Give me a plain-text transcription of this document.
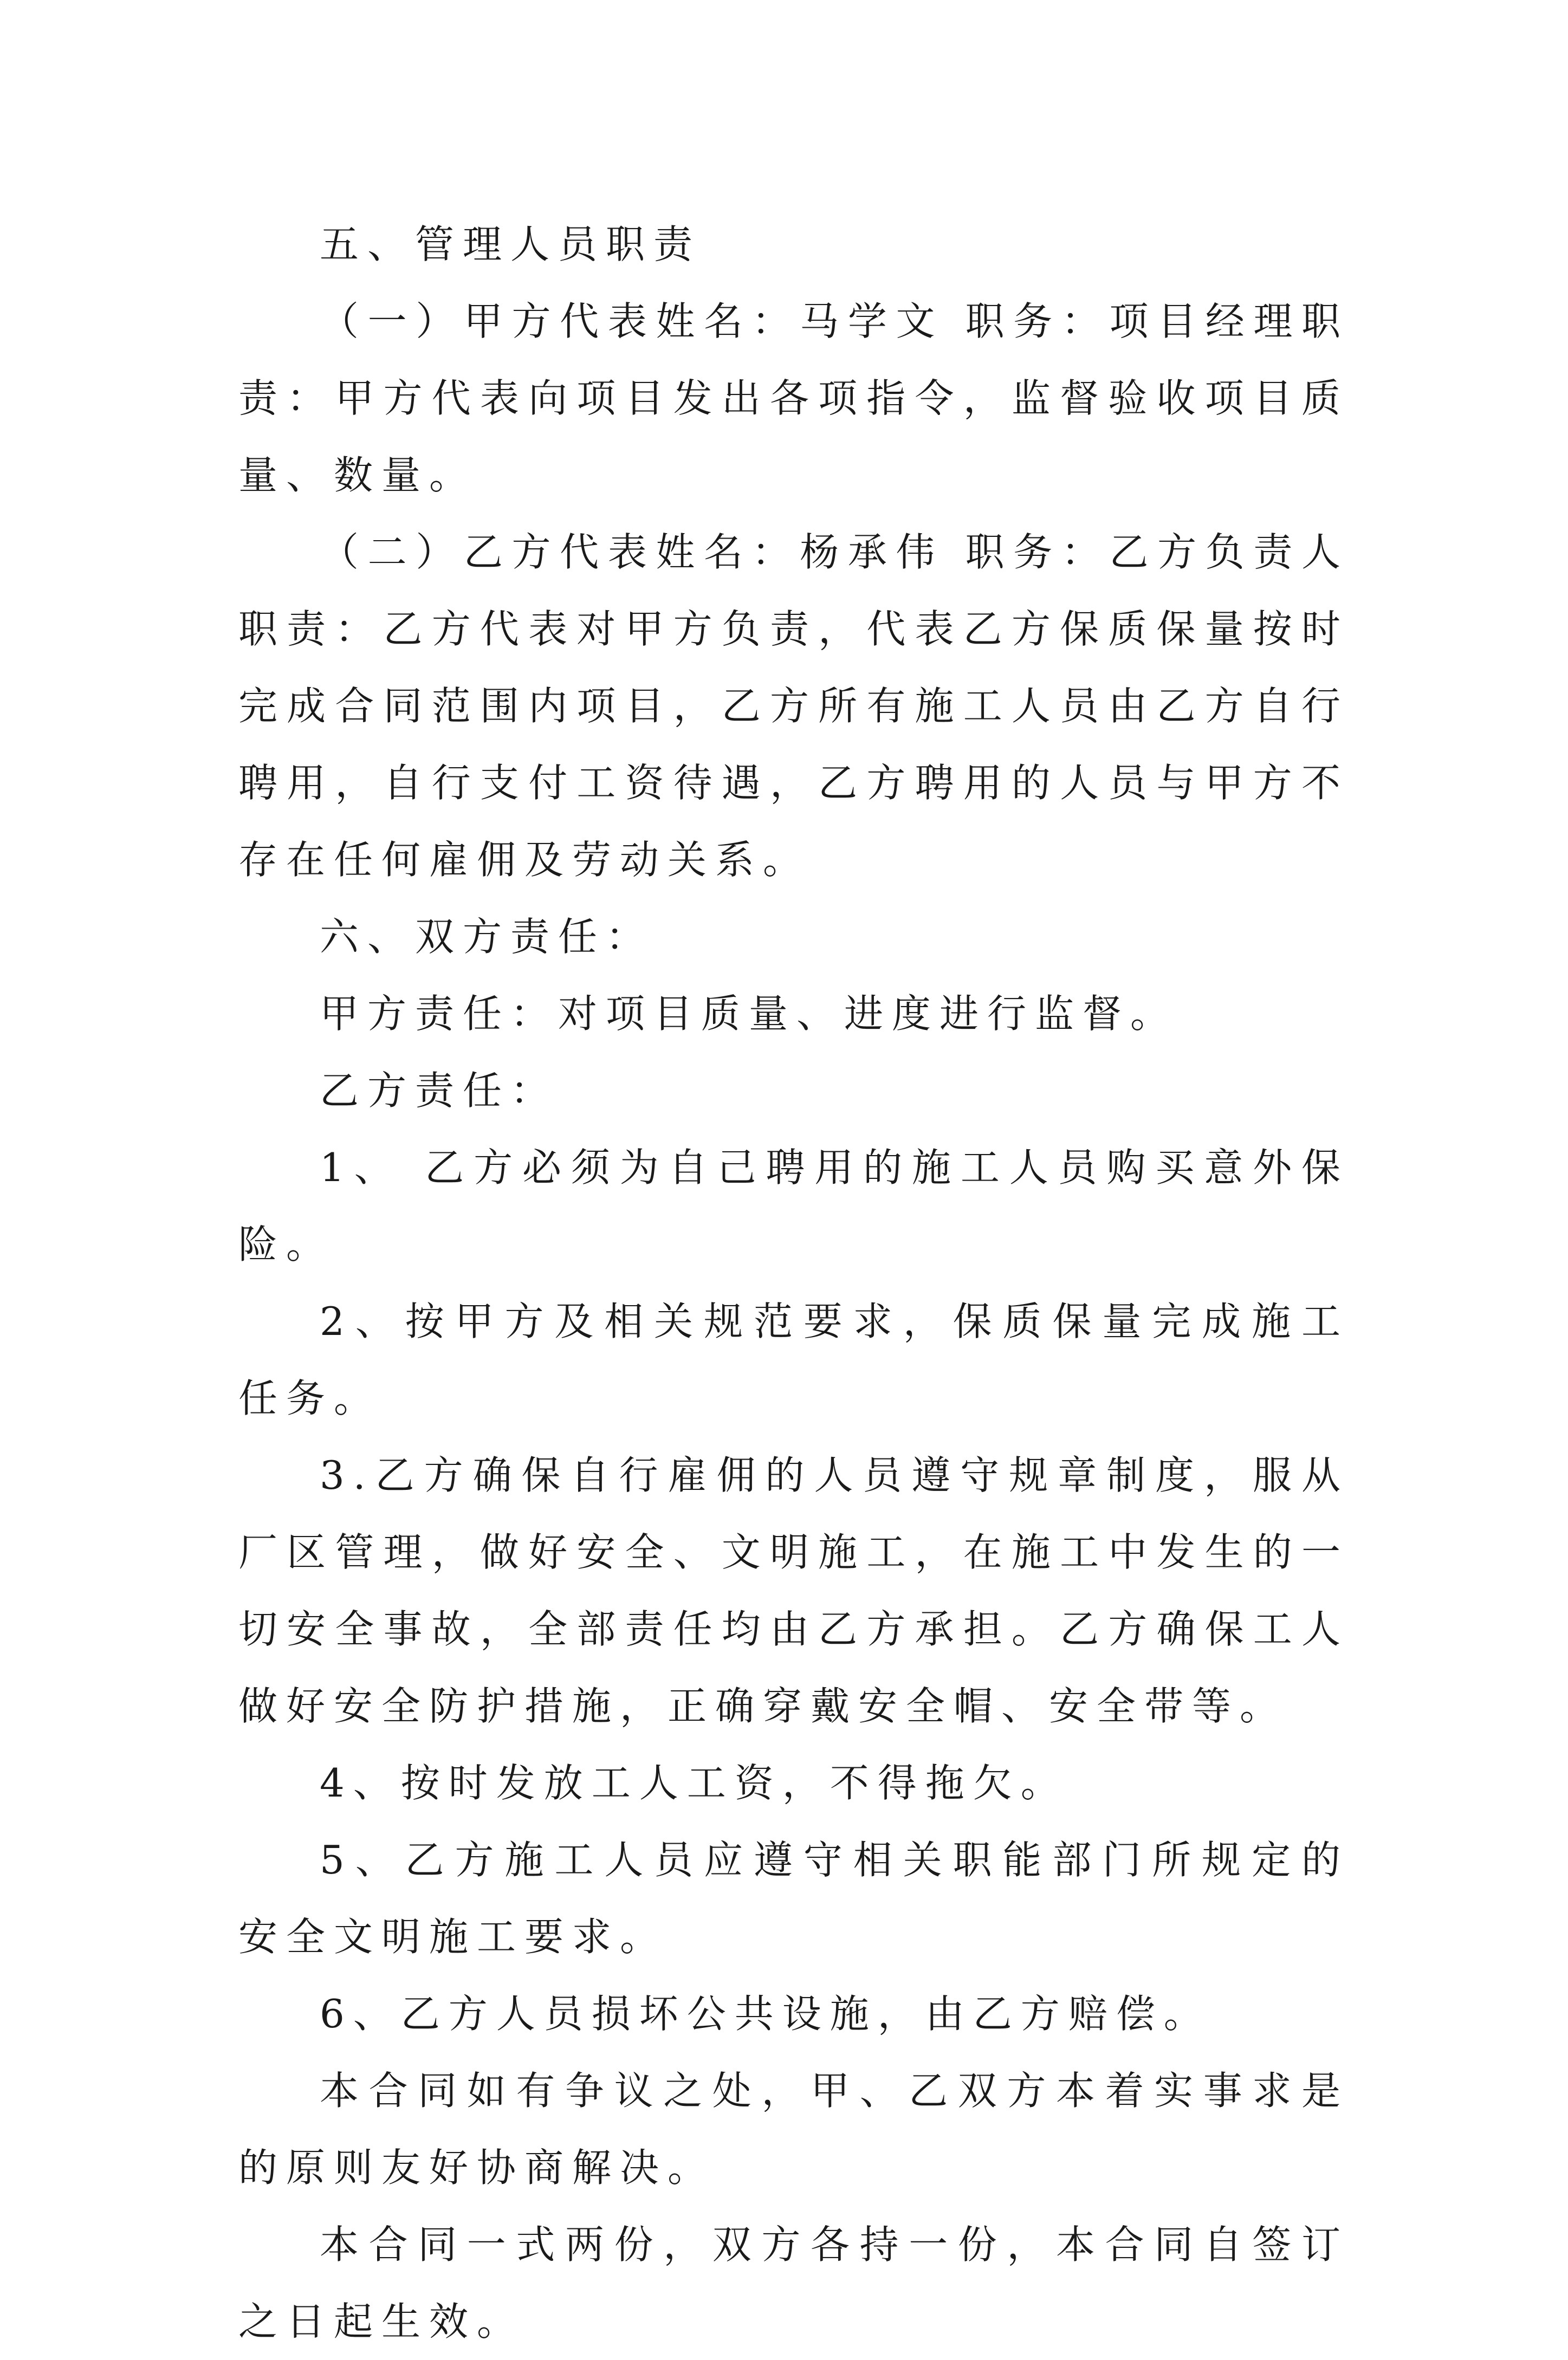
五、管理人员职责

（一）甲方代表姓名：马学文 职务：项目经理职责：甲方代表向项目发出各项指令，监督验收项目质量、数量。

（二）乙方代表姓名：杨承伟 职务：乙方负责人职责：乙方代表对甲方负责，代表乙方保质保量按时完成合同范围内项目，乙方所有施工人员由乙方自行聘用，自行支付工资待遇，乙方聘用的人员与甲方不存在任何雇佣及劳动关系。

六、双方责任：

甲方责任：对项目质量、进度进行监督。

乙方责任：

1、 乙方必须为自己聘用的施工人员购买意外保险。

2、按甲方及相关规范要求，保质保量完成施工任务。

3.乙方确保自行雇佣的人员遵守规章制度，服从厂区管理，做好安全、文明施工，在施工中发生的一切安全事故，全部责任均由乙方承担。乙方确保工人做好安全防护措施，正确穿戴安全帽、安全带等。

4、按时发放工人工资，不得拖欠。

5、乙方施工人员应遵守相关职能部门所规定的安全文明施工要求。

6、乙方人员损坏公共设施，由乙方赔偿。

本合同如有争议之处，甲、乙双方本着实事求是的原则友好协商解决。

本合同一式两份，双方各持一份，本合同自签订之日起生效。
